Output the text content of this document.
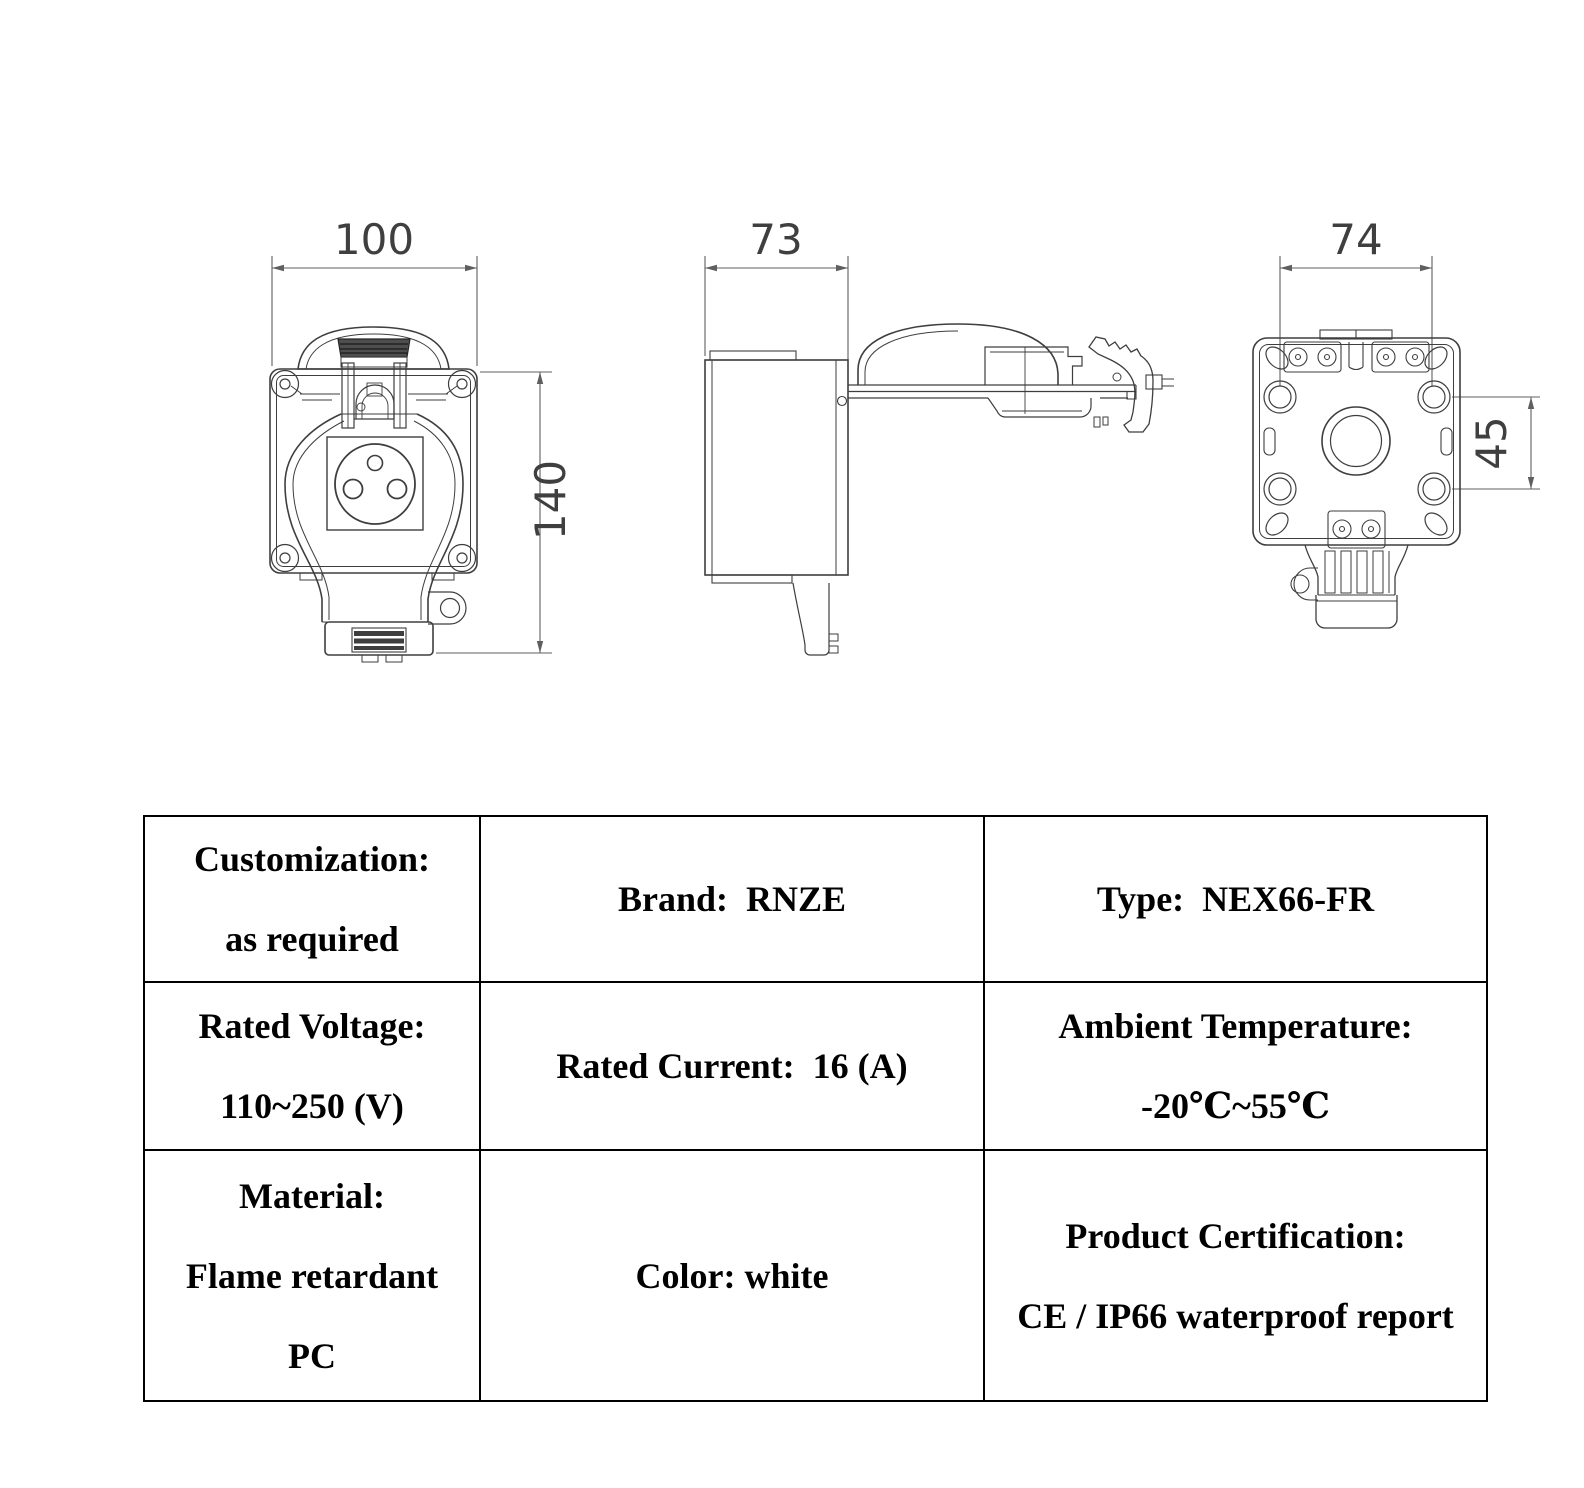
100
140
73	74
45
Customization:
as required
Brand:  RNZE	Type:  NEX66-FR
Rated Voltage:
110~250 (V)
Rated Current:  16 (A)
Ambient Temperature:
-20℃~55℃
Material:
Flame retardant
PC
Color: white
Product Certification:
CE / IP66 waterproof report
